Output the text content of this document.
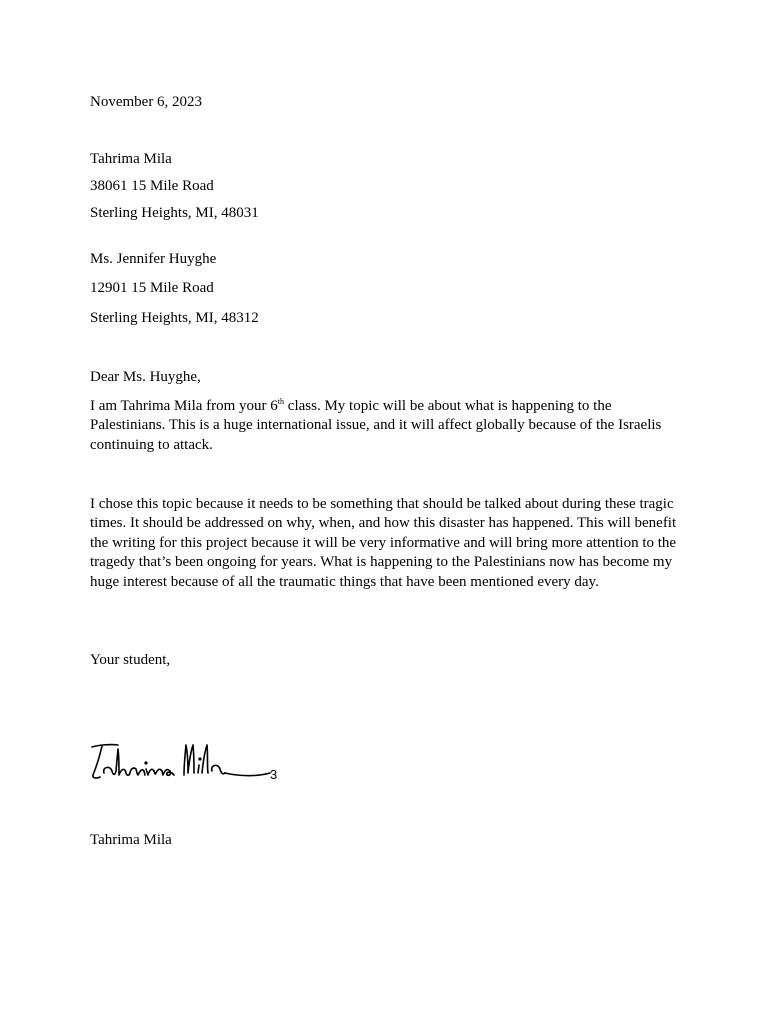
November 6, 2023
Tahrima Mila
38061 15 Mile Road
Sterling Heights, MI, 48031
Ms. Jennifer Huyghe
12901 15 Mile Road
Sterling Heights, MI, 48312
Dear Ms. Huyghe,

I am Tahrima Mila from your 6th class. My topic will be about what is happening to the Palestinians. This is a huge international issue, and it will affect globally because of the Israelis continuing to attack.

I chose this topic because it needs to be something that should be talked about during these tragic times. It should be addressed on why, when, and how this disaster has happened. This will benefit the writing for this project because it will be very informative and will bring more attention to the tragedy that’s been ongoing for years. What is happening to the Palestinians now has become my huge interest because of all the traumatic things that have been mentioned every day.

Your student,
3
Tahrima Mila
